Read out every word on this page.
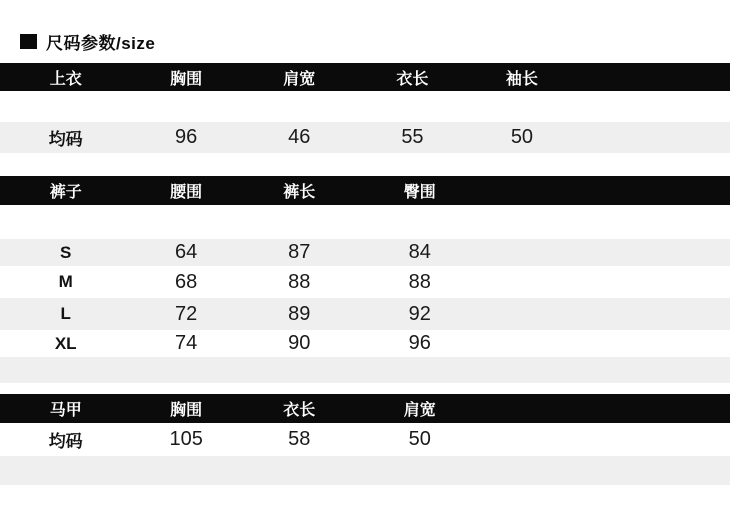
尺码参数/size
上衣	胸围	肩宽	衣长	袖长
均码	96	46	55	50
裤子	腰围	裤长	臀围
S	64	87	84
M	68	88	88
L	72	89	92
XL	74	90	96
马甲	胸围	衣长	肩宽
均码	105	58	50
